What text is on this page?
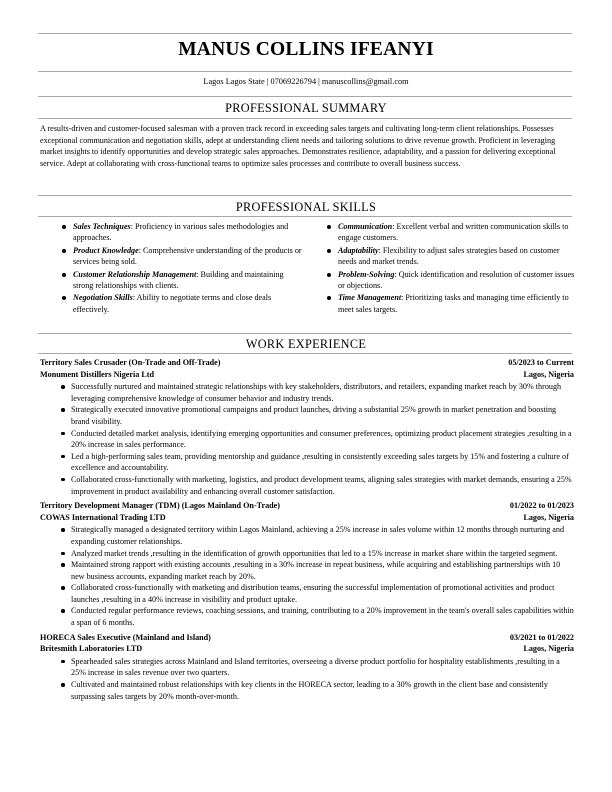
MANUS COLLINS IFEANYI
Lagos Lagos State | 07069226794 | manuscollins@gmail.com
PROFESSIONAL SUMMARY
A results-driven and customer-focused salesman with a proven track record in exceeding sales targets and cultivating long-term client relationships. Possesses exceptional communication and negotiation skills, adept at understanding client needs and tailoring solutions to drive revenue growth. Proficient in leveraging market insights to identify opportunities and develop strategic sales approaches. Demonstrates resilience, adaptability, and a passion for delivering exceptional service. Adept at collaborating with cross-functional teams to optimize sales processes and contribute to overall business success.
PROFESSIONAL SKILLS
Sales Techniques: Proficiency in various sales methodologies and approaches.
Product Knowledge: Comprehensive understanding of the products or services being sold.
Customer Relationship Management: Building and maintaining strong relationships with clients.
Negotiation Skills: Ability to negotiate terms and close deals effectively.
Communication: Excellent verbal and written communication skills to engage customers.
Adaptability: Flexibility to adjust sales strategies based on customer needs and market trends.
Problem-Solving: Quick identification and resolution of customer issues or objections.
Time Management: Prioritizing tasks and managing time efficiently to meet sales targets.
WORK EXPERIENCE
Territory Sales Crusader (On-Trade and Off-Trade)	05/2023 to Current
Monument Distillers Nigeria Ltd	Lagos, Nigeria
Successfully nurtured and maintained strategic relationships with key stakeholders, distributors, and retailers, expanding market reach by 30% through leveraging comprehensive knowledge of consumer behavior and industry trends.
Strategically executed innovative promotional campaigns and product launches, driving a substantial 25% growth in market penetration and boosting brand visibility.
Conducted detailed market analysis, identifying emerging opportunities and consumer preferences, optimizing product placement strategies ,resulting in a 20% increase in sales performance.
Led a high-performing sales team, providing mentorship and guidance ,resulting in consistently exceeding sales targets by 15% and fostering a culture of excellence and accountability.
Collaborated cross-functionally with marketing, logistics, and product development teams, aligning sales strategies with market demands, ensuring a 25% improvement in product availability and enhancing overall customer satisfaction.
Territory Development Manager (TDM) (Lagos Mainland On-Trade)	01/2022 to 01/2023
COWAS International Trading LTD	Lagos, Nigeria
Strategically managed a designated territory within Lagos Mainland, achieving a 25% increase in sales volume within 12 months through nurturing and expanding customer relationships.
Analyzed market trends ,resulting in the identification of growth opportunities that led to a 15% increase in market share within the targeted segment.
Maintained strong rapport with existing accounts ,resulting in a 30% increase in repeat business, while acquiring and establishing partnerships with 10 new business accounts, expanding market reach by 20%.
Collaborated cross-functionally with marketing and distribution teams, ensuring the successful implementation of promotional activities and product launches ,resulting in a 40% increase in visibility and product uptake.
Conducted regular performance reviews, coaching sessions, and training, contributing to a 20% improvement in the team's overall sales capabilities within a span of 6 months.
HORECA Sales Executive (Mainland and Island)	03/2021 to 01/2022
Britesmith Laboratories LTD	Lagos, Nigeria
Spearheaded sales strategies across Mainland and Island territories, overseeing a diverse product portfolio for hospitality establishments ,resulting in a 25% increase in sales revenue over two quarters.
Cultivated and maintained robust relationships with key clients in the HORECA sector, leading to a 30% growth in the client base and consistently surpassing sales targets by 20% month-over-month.
